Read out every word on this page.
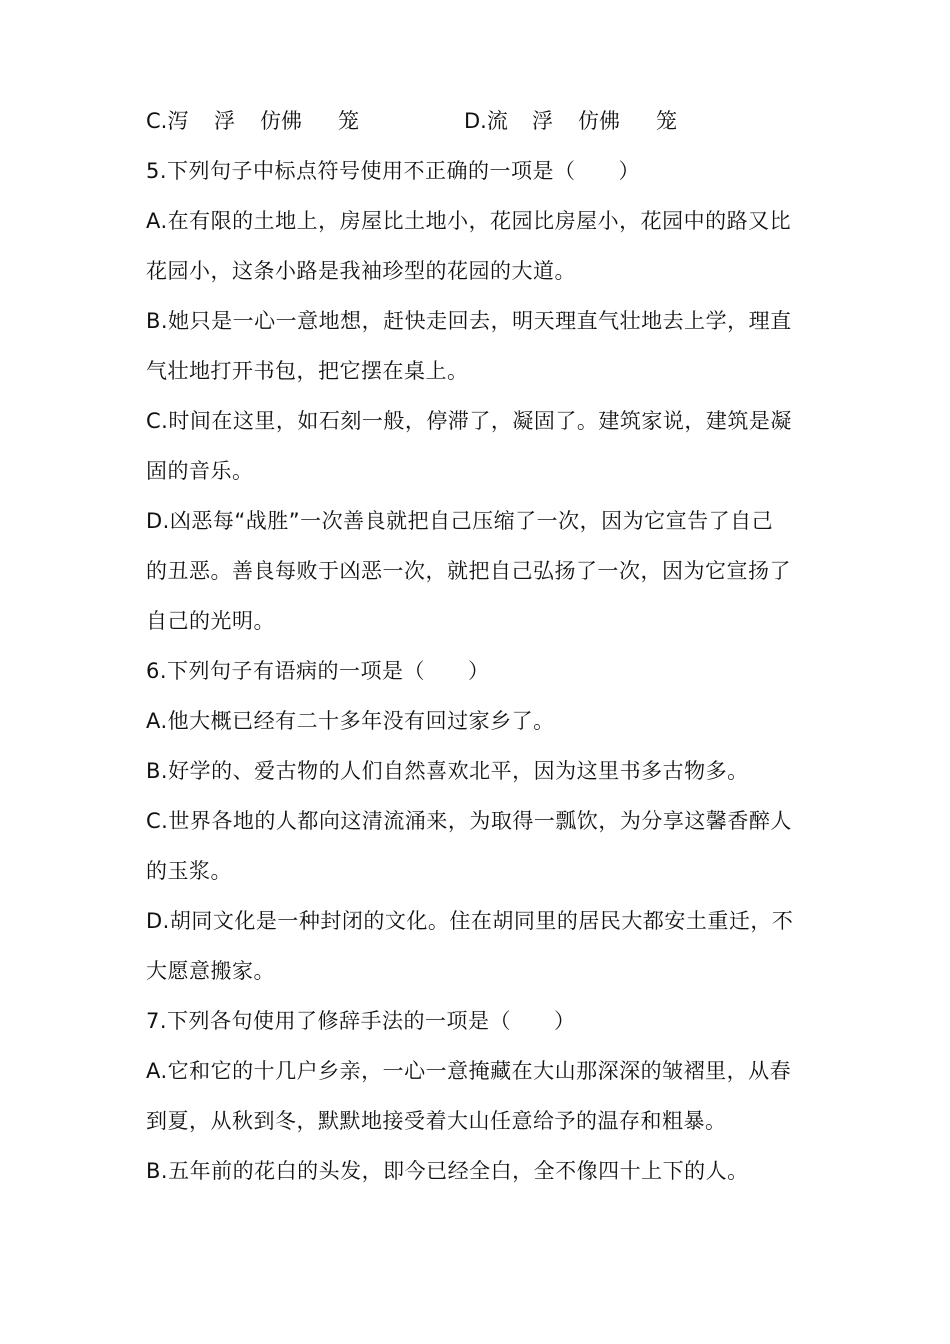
C.泻	浮	仿佛	笼	D.流	浮	仿佛	笼
5.下列句子中标点符号使用不正确的一项是（　　）
A.在有限的土地上，房屋比土地小，花园比房屋小，花园中的路又比
花园小，这条小路是我袖珍型的花园的大道。
B.她只是一心一意地想，赶快走回去，明天理直气壮地去上学，理直
气壮地打开书包，把它摆在桌上。
C.时间在这里，如石刻一般，停滞了，凝固了。建筑家说，建筑是凝
固的音乐。
D.凶恶每“战胜”一次善良就把自己压缩了一次，因为它宣告了自己
的丑恶。善良每败于凶恶一次，就把自己弘扬了一次，因为它宣扬了
自己的光明。
6.下列句子有语病的一项是（　　）
A.他大概已经有二十多年没有回过家乡了。
B.好学的、爱古物的人们自然喜欢北平，因为这里书多古物多。
C.世界各地的人都向这清流涌来，为取得一瓢饮，为分享这馨香醉人
的玉浆。
D.胡同文化是一种封闭的文化。住在胡同里的居民大都安土重迁，不
大愿意搬家。
7.下列各句使用了修辞手法的一项是（　　）
A.它和它的十几户乡亲，一心一意掩藏在大山那深深的皱褶里，从春
到夏，从秋到冬，默默地接受着大山任意给予的温存和粗暴。
B.五年前的花白的头发，即今已经全白，全不像四十上下的人。
